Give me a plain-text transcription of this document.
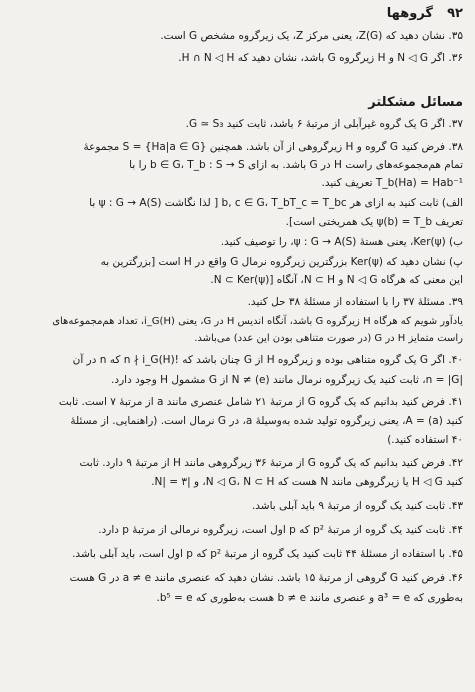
۹۲
گروهها
۳۵. نشان دهید که (Z(G، یعنی مرکز Z، یک زیرگروه مشخص G است.
۳۶. اگر N ◁ G و H زیرگروه G باشد، نشان دهید که H ∩ N ◁ H.
مسائل مشکلتر
۳۷. اگر G یک گروه غیرآبلی از مرتبهٔ ۶ باشد، ثابت کنید G ≃ S₃.
۳۸. فرض کنید G گروه و H زیرگروهی از آن باشد. همچنین {S = {Ha|a ∈ G مجموعهٔ
تمام هم‌مجموعه‌های راست H در G باشد. به ازای b ∈ G، T_b : S → S را با
T_b(Ha) = Hab⁻¹ تعریف کنید.
الف) ثابت کنید به ازای هر b, c ∈ G، T_bT_c = T_bc [ لذا نگاشت (ψ : G → A(S با
تعریف ψ(b) = T_b یک همریختی است].
ب) Ker(ψ)، یعنی هستهٔ (ψ : G → A(S، را توصیف کنید.
پ) نشان دهید که Ker(ψ) بزرگترین زیرگروه نرمال G واقع در H است [بزرگترین به
این معنی که هرگاه N ◁ G و N ⊂ H، آنگاه [N ⊂ Ker(ψ).
۳۹. مسئلهٔ ۳۷ را با استفاده از مسئلهٔ ۳۸ حل کنید.
یادآور شویم که هرگاه H زیرگروه G باشد، آنگاه اندیس H در G، یعنی (i_G(H، تعداد هم‌مجموعه‌های
راست متمایز H در G (در صورت متناهی بودن این عدد) می‌باشد.
۴۰. اگر G یک گروه متناهی بوده و زیرگروه H از G چنان باشد که !n ∤ i_G(H) که n در آن
|n = |G، ثابت کنید یک زیرگروه نرمال مانند N ≠ (e) از G مشمول H وجود دارد.
۴۱. فرض کنید بدانیم که یک گروه G از مرتبهٔ ۲۱ شامل عنصری مانند a از مرتبهٔ ۷ است. ثابت
کنید (A = (a، یعنی زیرگروه تولید شده به‌وسیلهٔ a، در G نرمال است. (راهنمایی. از مسئلهٔ
۴۰ استفاده کنید.)
۴۲. فرض کنید بدانیم که یک گروه G از مرتبهٔ ۳۶ زیرگروهی مانند H از مرتبهٔ ۹ دارد. ثابت
کنید H ◁ G یا زیرگروهی مانند N هست که N ◁ G، N ⊂ H، و |N| = ۳.
۴۳. ثابت کنید یک گروه از مرتبهٔ ۹ باید آبلی باشد.
۴۴. ثابت کنید یک گروه از مرتبهٔ p² که p اول است، زیرگروه نرمالی از مرتبهٔ p دارد.
۴۵. با استفاده از مسئلهٔ ۴۴ ثابت کنید یک گروه از مرتبهٔ p² که p اول است، باید آبلی باشد.
۴۶. فرض کنید G گروهی از مرتبهٔ ۱۵ باشد. نشان دهید که عنصری مانند a ≠ e در G هست
به‌طوری که a³ = e و عنصری مانند b ≠ e هست به‌طوری که b⁵ = e.
